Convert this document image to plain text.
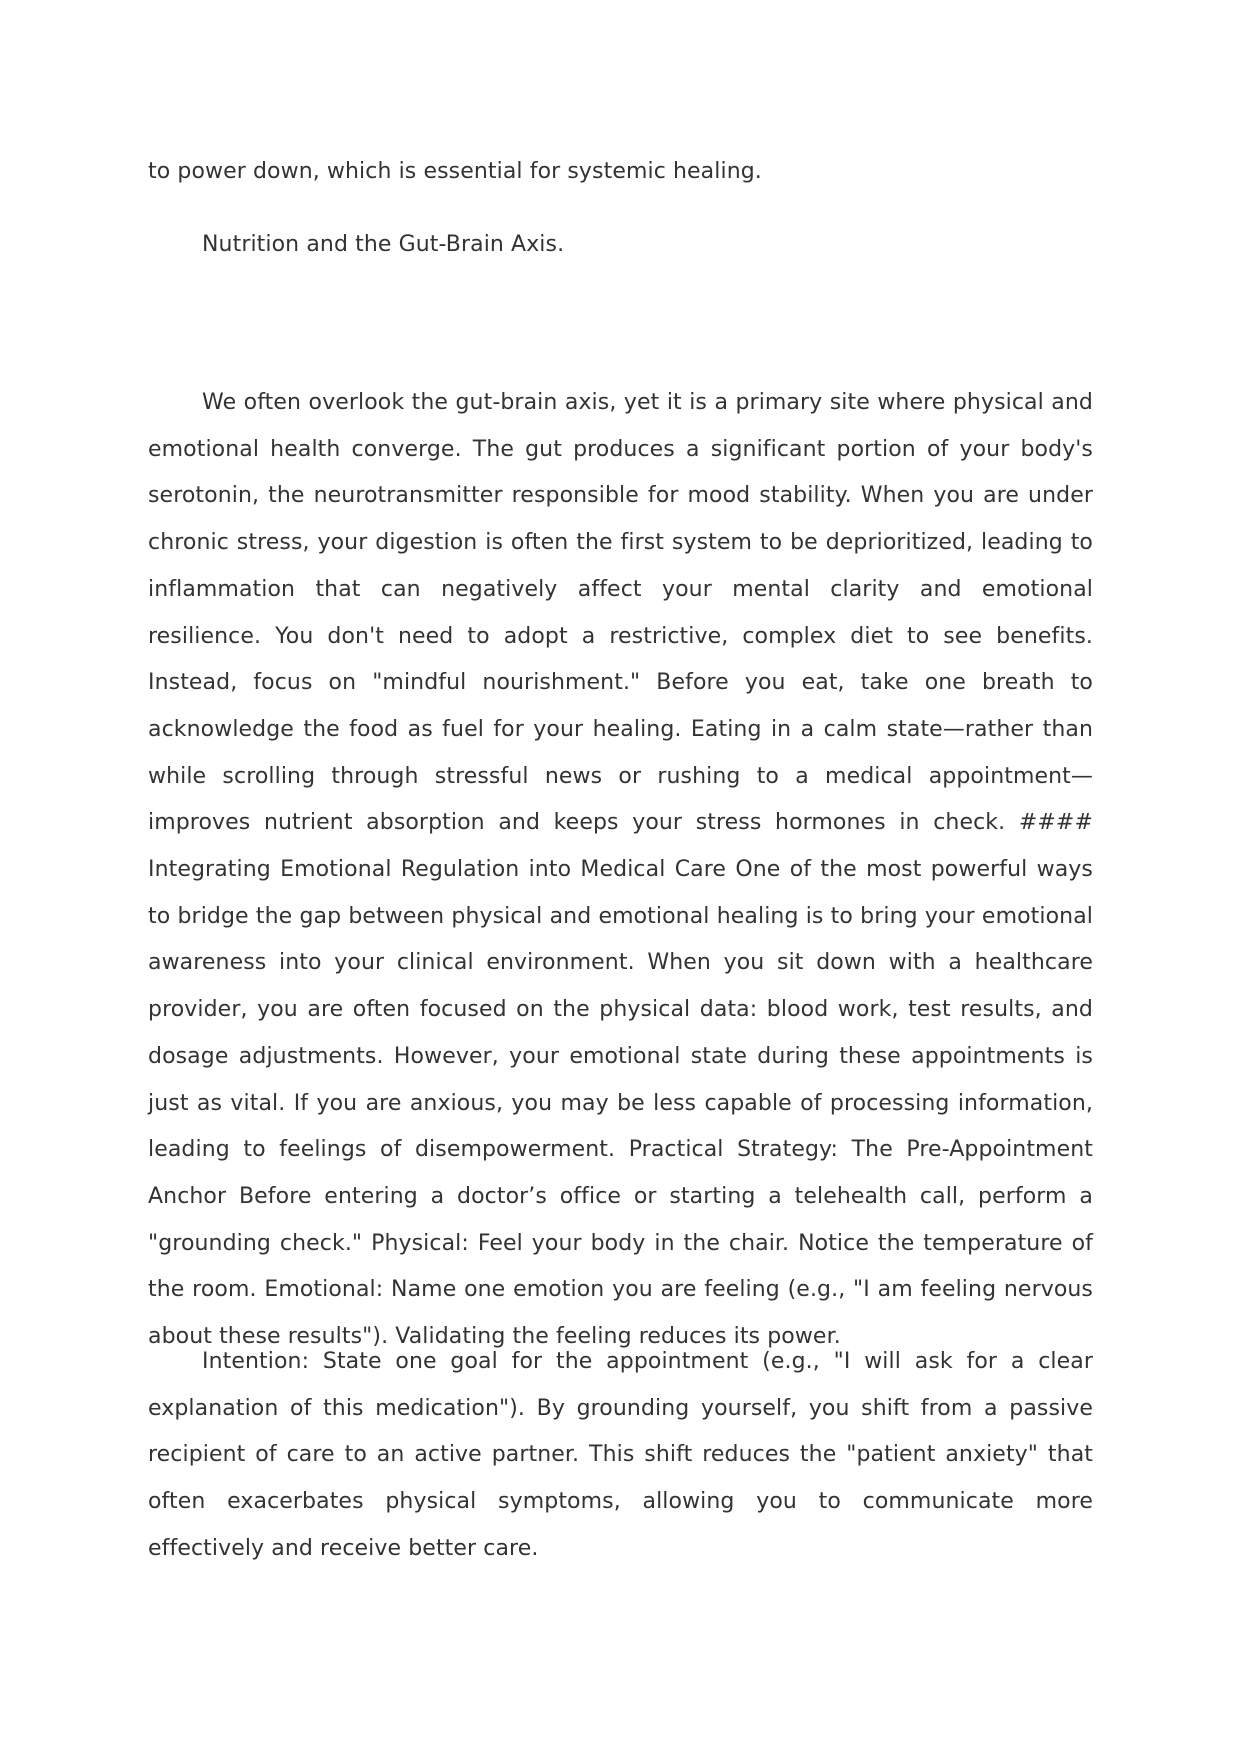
to power down, which is essential for systemic healing.

Nutrition and the Gut-Brain Axis.

We often overlook the gut-brain axis, yet it is a primary site where physical and emotional health converge. The gut produces a significant portion of your body's serotonin, the neurotransmitter responsible for mood stability. When you are under chronic stress, your digestion is often the first system to be deprioritized, leading to inflammation that can negatively affect your mental clarity and emotional resilience. You don't need to adopt a restrictive, complex diet to see benefits. Instead, focus on "mindful nourishment." Before you eat, take one breath to acknowledge the food as fuel for your healing. Eating in a calm state—rather than while scrolling through stressful news or rushing to a medical appointment—improves nutrient absorption and keeps your stress hormones in check. #### Integrating Emotional Regulation into Medical Care One of the most powerful ways to bridge the gap between physical and emotional healing is to bring your emotional awareness into your clinical environment. When you sit down with a healthcare provider, you are often focused on the physical data: blood work, test results, and dosage adjustments. However, your emotional state during these appointments is just as vital. If you are anxious, you may be less capable of processing information, leading to feelings of disempowerment. Practical Strategy: The Pre-Appointment Anchor Before entering a doctor’s office or starting a telehealth call, perform a "grounding check." Physical: Feel your body in the chair. Notice the temperature of the room. Emotional: Name one emotion you are feeling (e.g., "I am feeling nervous about these results"). Validating the feeling reduces its power.

Intention: State one goal for the appointment (e.g., "I will ask for a clear explanation of this medication"). By grounding yourself, you shift from a passive recipient of care to an active partner. This shift reduces the "patient anxiety" that often exacerbates physical symptoms, allowing you to communicate more effectively and receive better care.
